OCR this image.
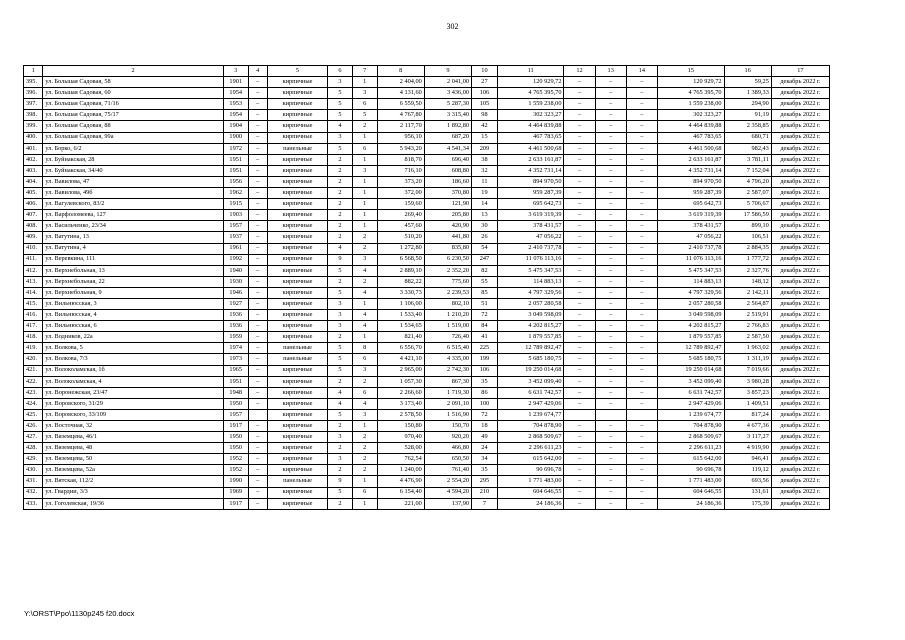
302
1	2	3	4	5	6	7	8	9	10	11	12	13	14	15	16	17
395.	ул. Большая Садовая, 58	1901	–	кирпичные	3	1	2 404,00	2 041,00	27	120 929,72	–	–	–	120 929,72	59,25	декабрь 2022 г.
396.	ул. Большая Садовая, 60	1954	–	кирпичные	5	3	4 131,60	3 436,00	106	4 765 395,70	–	–	–	4 765 395,70	1 389,33	декабрь 2022 г.
397.	ул. Большая Садовая, 71/16	1953	–	кирпичные	5	6	6 559,50	5 287,30	105	1 559 238,00	–	–	–	1 559 238,00	294,90	декабрь 2022 г.
398.	ул. Большая Садовая, 75/17	1954	–	кирпичные	5	5	4 767,80	3 315,40	98	302 323,27	–	–	–	302 323,27	91,19	декабрь 2022 г.
399.	ул. Большая Садовая, 88	1904	–	кирпичные	4	2	2 117,70	1 892,80	42	4 464 839,88	–	–	–	4 464 839,88	2 358,85	декабрь 2022 г.
400.	ул. Большая Садовая, 99а	1900	–	кирпичные	3	1	956,10	687,20	15	467 783,65	–	–	–	467 783,65	680,71	декабрь 2022 г.
401.	ул. Борко, 6/2	1972	–	панельные	5	6	5 943,20	4 541,34	209	4 461 500,68	–	–	–	4 461 500,68	982,43	декабрь 2022 г.
402.	ул. Буйнакская, 28	1951	–	кирпичные	2	1	818,70	696,40	38	2 633 161,87	–	–	–	2 633 161,87	3 781,11	декабрь 2022 г.
403.	ул. Буйнакская, 34/40	1951	–	кирпичные	2	3	716,10	608,80	32	4 352 731,14	–	–	–	4 352 731,14	7 152,04	декабрь 2022 г.
404.	ул. Вавилова, 47	1956	–	кирпичные	2	1	373,20	186,60	11	894 970,50	–	–	–	894 970,50	4 796,20	декабрь 2022 г.
405.	ул. Вавилова, 49б	1962	–	кирпичные	2	1	372,00	370,80	19	959 287,39	–	–	–	959 287,39	2 587,07	декабрь 2022 г.
406.	ул. Вагулевского, 83/2	1915	–	кирпичные	2	1	159,60	121,90	14	695 642,73	–	–	–	695 642,73	5 706,67	декабрь 2022 г.
407.	ул. Варфоломеева, 127	1903	–	кирпичные	2	1	269,40	205,80	13	3 619 319,39	–	–	–	3 619 319,39	17 586,59	декабрь 2022 г.
408.	ул. Васильченко, 23/34	1957	–	кирпичные	2	1	457,60	420,90	30	378 431,57	–	–	–	378 431,57	899,10	декабрь 2022 г.
409.	ул. Ватутина, 13	1937	–	кирпичные	2	2	510,20	441,80	26	47 056,22	–	–	–	47 056,22	106,51	декабрь 2022 г.
410.	ул. Ватутина, 4	1961	–	кирпичные	4	2	1 272,80	835,80	54	2 410 737,78	–	–	–	2 410 737,78	2 884,35	декабрь 2022 г.
411.	ул. Веревкина, 111	1992	–	кирпичные	9	3	6 568,50	6 230,50	247	11 076 113,16	–	–	–	11 076 113,16	1 777,72	декабрь 2022 г.
412.	ул. Верхнебольная, 13	1940	–	кирпичные	5	4	2 889,10	2 352,20	82	5 475 347,53	–	–	–	5 475 347,53	2 327,76	декабрь 2022 г.
413.	ул. Верхнебольная, 22	1930	–	кирпичные	2	2	882,22	775,60	55	114 883,13	–	–	–	114 883,13	148,12	декабрь 2022 г.
414.	ул. Верхнебольная, 9	1946	–	кирпичные	5	4	3 330,73	2 239,53	85	4 797 329,56	–	–	–	4 797 329,56	2 142,11	декабрь 2022 г.
415.	ул. Вильнюсская, 3	1927	–	кирпичные	3	1	1 106,00	802,10	51	2 057 280,58	–	–	–	2 057 280,58	2 564,87	декабрь 2022 г.
416.	ул. Вильнюсская, 4	1936	–	кирпичные	3	4	1 533,40	1 210,20	72	3 049 598,09	–	–	–	3 049 598,09	2 519,91	декабрь 2022 г.
417.	ул. Вильнюсская, 6	1936	–	кирпичные	3	4	1 534,65	1 519,00	84	4 202 815,27	–	–	–	4 202 815,27	2 766,83	декабрь 2022 г.
418.	ул. Водников, 22а	1959	–	кирпичные	2	1	821,40	726,40	41	1 879 557,85	–	–	–	1 879 557,85	2 587,50	декабрь 2022 г.
419.	ул. Волкова, 5	1974	–	панельные	5	8	6 556,70	6 515,40	225	12 789 892,47	–	–	–	12 789 892,47	1 963,02	декабрь 2022 г.
420.	ул. Волкова, 7/3	1973	–	панельные	5	6	4 421,10	4 335,00	199	5 685 180,75	–	–	–	5 685 180,75	1 311,19	декабрь 2022 г.
421.	ул. Волоколамская, 1б	1965	–	кирпичные	5	3	2 965,00	2 742,30	106	19 250 014,68	–	–	–	19 250 014,68	7 019,66	декабрь 2022 г.
422.	ул. Волоколамская, 4	1951	–	кирпичные	2	2	1 057,30	867,30	35	3 452 099,40	–	–	–	3 452 099,40	3 980,28	декабрь 2022 г.
423.	ул. Воронежская, 23/47	1948	–	кирпичные	4	6	2 266,60	1 719,30	86	6 631 742,57	–	–	–	6 631 742,57	3 857,23	декабрь 2022 г.
424.	ул. Воровского, 31/29	1950	–	кирпичные	4	4	3 173,40	2 091,10	100	2 947 429,06	–	–	–	2 947 429,06	1 409,51	декабрь 2022 г.
425.	ул. Воровского, 33/109	1957		кирпичные	5	3	2 578,50	1 516,90	72	1 239 674,77				1 239 674,77	817,24	декабрь 2022 г.
426.	ул. Восточная, 32	1917	–	кирпичные	2	1	150,80	150,70	18	704 878,90	–	–	–	704 878,90	4 677,36	декабрь 2022 г.
427.	ул. Вяземцева, 46/1	1950	–	кирпичные	3	2	970,40	920,20	49	2 868 509,67	–	–	–	2 868 509,67	3 117,27	декабрь 2022 г.
428.	ул. Вяземцева, 48	1950	–	кирпичные	2	2	528,00	466,80	24	2 296 611,23	–	–	–	2 296 611,23	4 919,90	декабрь 2022 г.
429.	ул. Вяземцева, 50	1952	–	кирпичные	3	2	762,54	650,50	34	615 642,00	–	–	–	615 642,00	946,41	декабрь 2022 г.
430.	ул. Вяземцева, 52а	1952	–	кирпичные	2	2	1 240,00	761,40	35	90 696,78	–	–	–	90 696,78	119,12	декабрь 2022 г.
431.	ул. Вятская, 112/2	1990	–	панельные	9	1	4 476,90	2 554,20	295	1 771 483,00	–	–	–	1 771 483,00	693,56	декабрь 2022 г.
432.	ул. Гвардии, 3/3	1969	–	кирпичные	5	6	6 154,40	4 594,20	210	604 646,55	–	–	–	604 646,55	131,61	декабрь 2022 г.
433.	ул. Гоголевская, 19/36	1917	–	кирпичные	2	1	221,00	137,90	7	24 186,36	–	–	–	24 186,36	175,39	декабрь 2022 г.
Y:\ORST\Ppo\1130p245 f20.docx
